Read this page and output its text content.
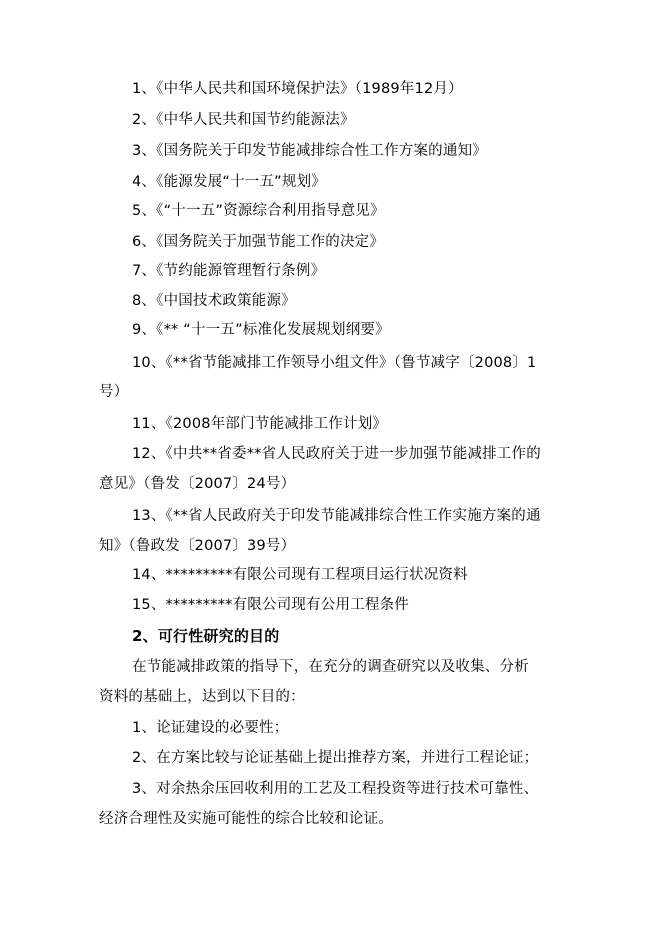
1、《中华人民共和国环境保护法》（1989年12月）
2、《中华人民共和国节约能源法》
3、《国务院关于印发节能减排综合性工作方案的通知》
4、《能源发展“十一五”规划》
5、《“十一五”资源综合利用指导意见》
6、《国务院关于加强节能工作的决定》
7、《节约能源管理暂行条例》
8、《中国技术政策能源》
9、《** “十一五”标准化发展规划纲要》
10、《**省节能减排工作领导小组文件》（鲁节减字〔2008〕1
号）
11、《2008年部门节能减排工作计划》
12、《中共**省委**省人民政府关于进一步加强节能减排工作的
意见》（鲁发〔2007〕24号）
13、《**省人民政府关于印发节能减排综合性工作实施方案的通
知》（鲁政发〔2007〕39号）
14、*********有限公司现有工程项目运行状况资料
15、*********有限公司现有公用工程条件
2、可行性研究的目的
在节能减排政策的指导下，在充分的调查研究以及收集、分析
资料的基础上，达到以下目的：
1、论证建设的必要性；
2、在方案比较与论证基础上提出推荐方案，并进行工程论证；
3、对余热余压回收利用的工艺及工程投资等进行技术可靠性、
经济合理性及实施可能性的综合比较和论证。
